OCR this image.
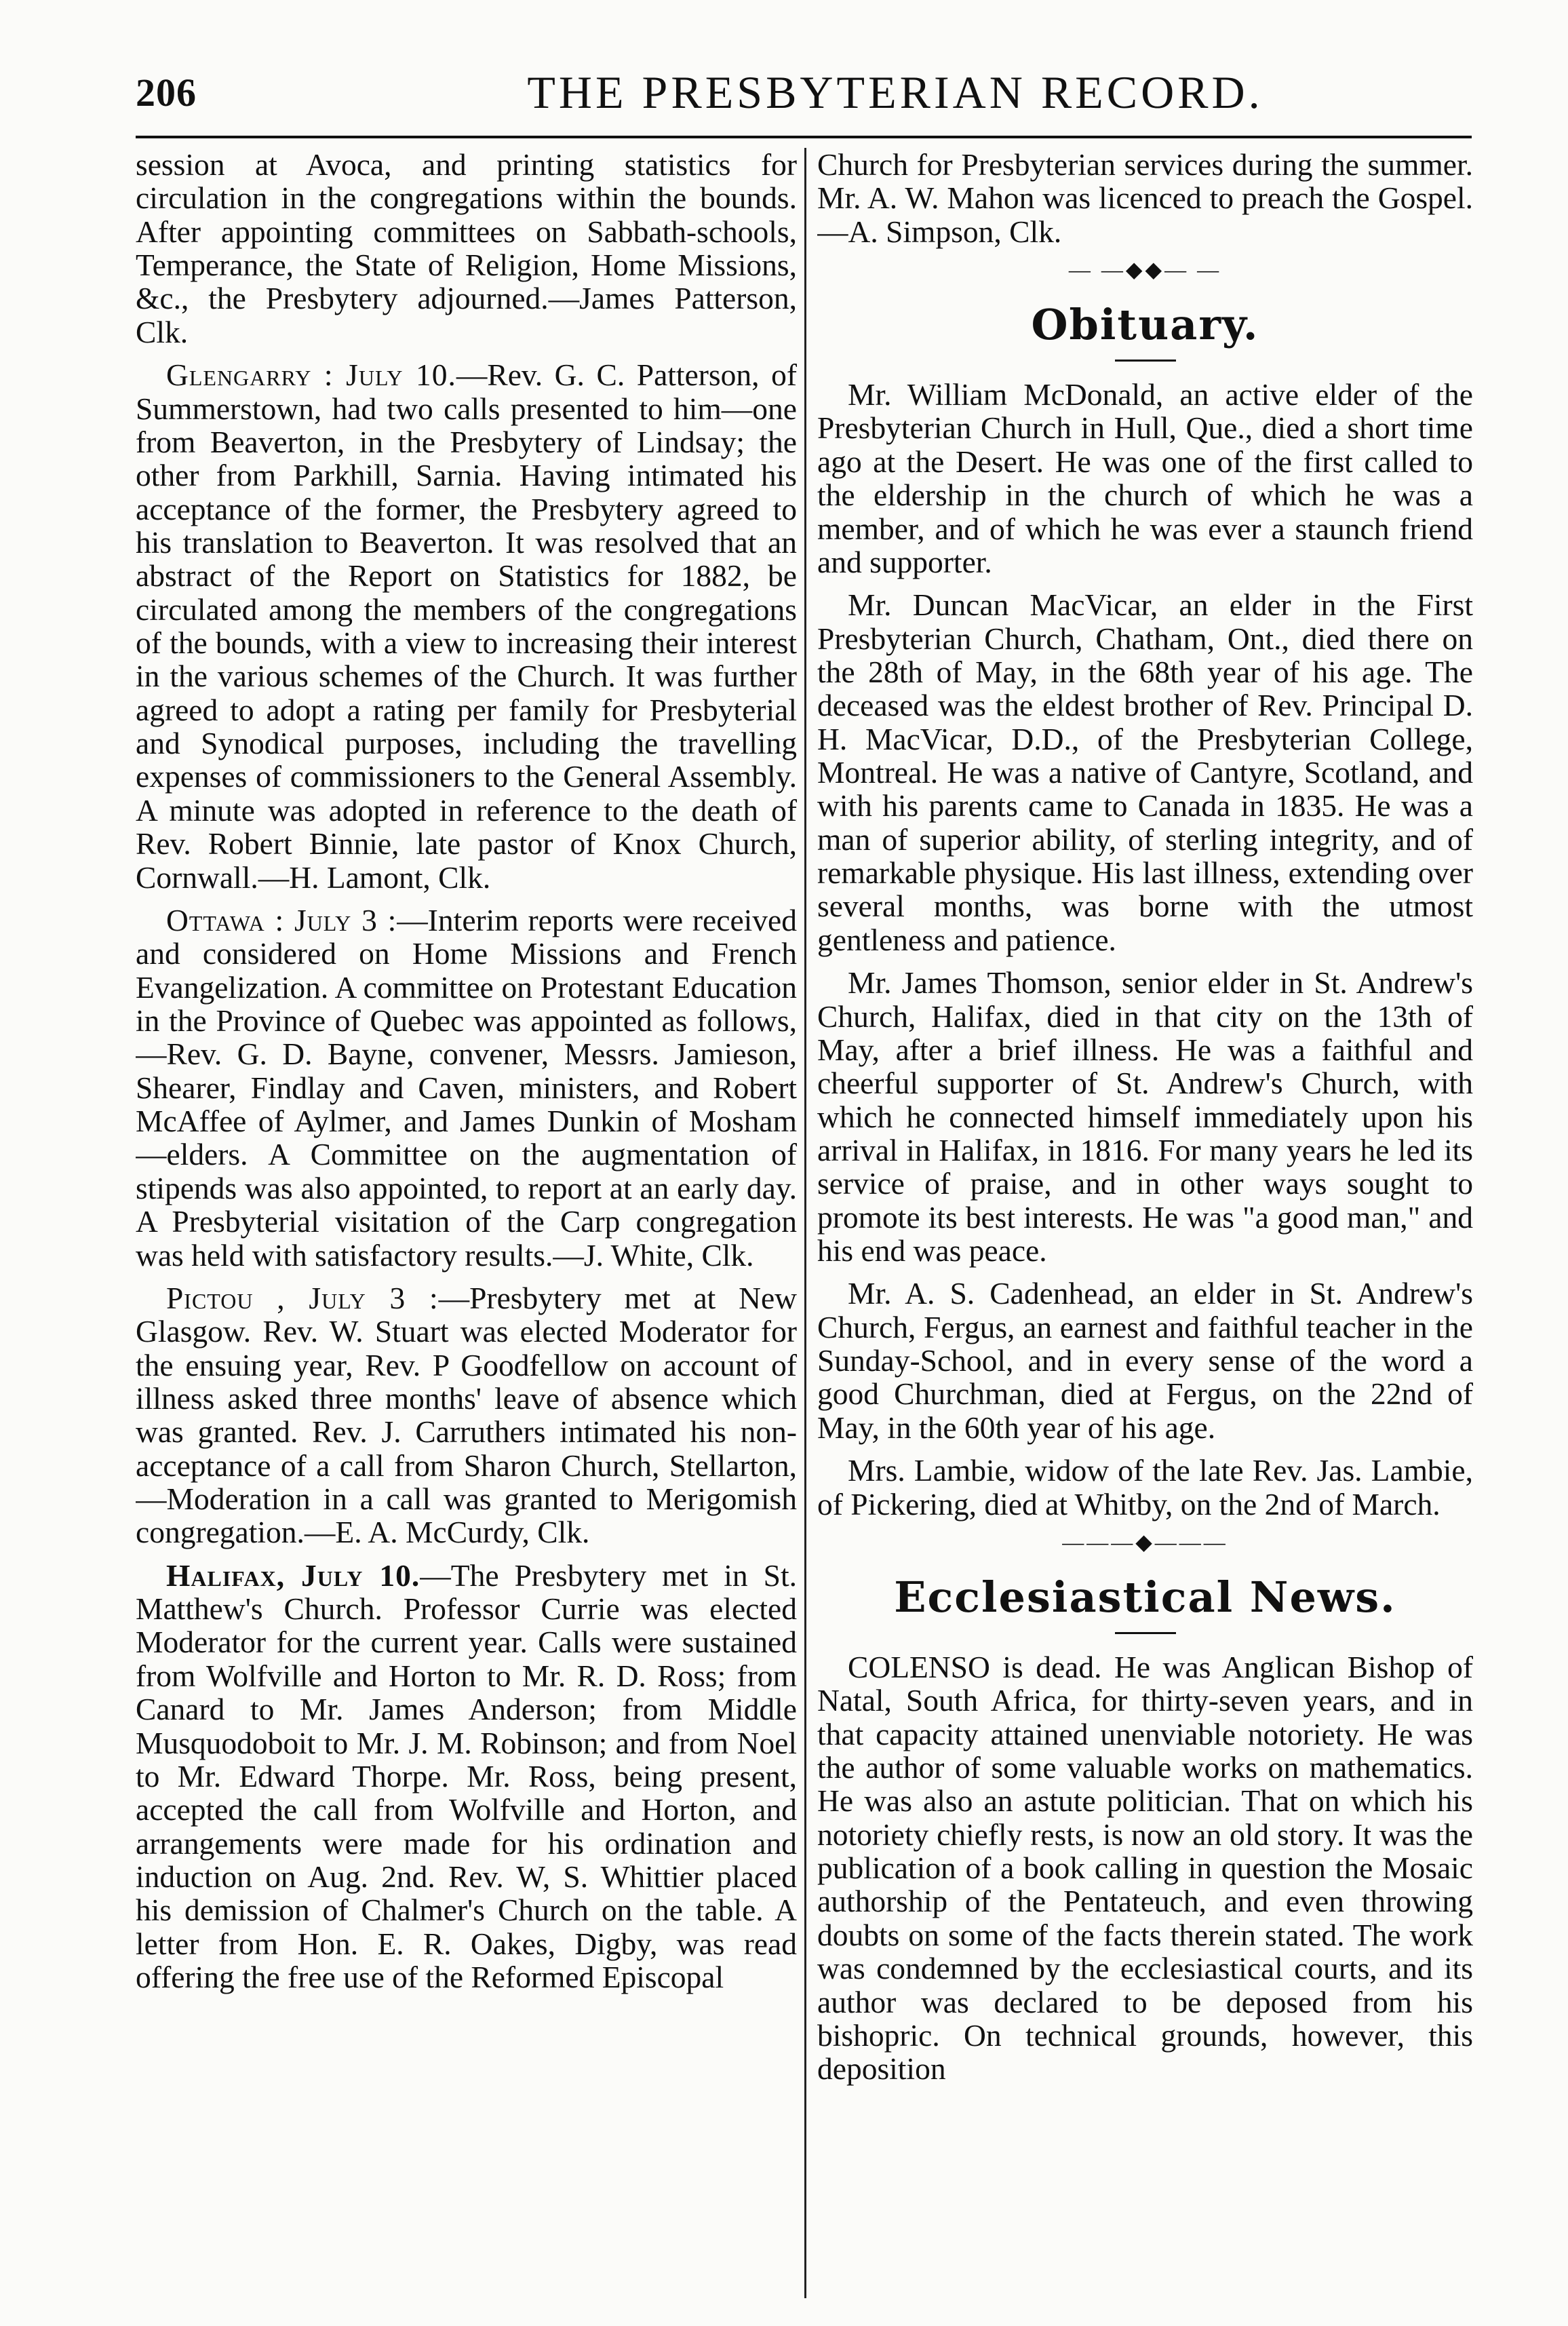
206	THE PRESBYTERIAN RECORD.

session at Avoca, and printing statistics for circulation in the congregations within the bounds. After appointing committees on Sabbath-schools, Temperance, the State of Religion, Home Missions, &c., the Presbytery adjourned.—James Patterson, Clk.

Glengarry : July 10.—Rev. G. C. Patterson, of Summerstown, had two calls presented to him—one from Beaverton, in the Presbytery of Lindsay; the other from Parkhill, Sarnia. Having intimated his acceptance of the former, the Presbytery agreed to his translation to Beaverton. It was resolved that an abstract of the Report on Statistics for 1882, be circulated among the members of the congregations of the bounds, with a view to increasing their interest in the various schemes of the Church. It was further agreed to adopt a rating per family for Presbyterial and Synodical purposes, including the travelling expenses of commissioners to the General Assembly. A minute was adopted in reference to the death of Rev. Robert Binnie, late pastor of Knox Church, Cornwall.—H. Lamont, Clk.

Ottawa : July 3 :—Interim reports were received and considered on Home Missions and French Evangelization. A committee on Protestant Education in the Province of Quebec was appointed as follows,—Rev. G. D. Bayne, convener, Messrs. Jamieson, Shearer, Findlay and Caven, ministers, and Robert McAffee of Aylmer, and James Dunkin of Mosham—elders. A Committee on the augmentation of stipends was also appointed, to report at an early day. A Presbyterial visitation of the Carp congregation was held with satisfactory results.—J. White, Clk.

Pictou , July 3 :—Presbytery met at New Glasgow. Rev. W. Stuart was elected Moderator for the ensuing year, Rev. P Goodfellow on account of illness asked three months' leave of absence which was granted. Rev. J. Carruthers intimated his non-acceptance of a call from Sharon Church, Stellarton,—Moderation in a call was granted to Merigomish congregation.—E. A. McCurdy, Clk.

Halifax, July 10.—The Presbytery met in St. Matthew's Church. Professor Currie was elected Moderator for the current year. Calls were sustained from Wolfville and Horton to Mr. R. D. Ross; from Canard to Mr. James Anderson; from Middle Musquodoboit to Mr. J. M. Robinson; and from Noel to Mr. Edward Thorpe. Mr. Ross, being present, accepted the call from Wolfville and Horton, and arrangements were made for his ordination and induction on Aug. 2nd. Rev. W, S. Whittier placed his demission of Chalmer's Church on the table. A letter from Hon. E. R. Oakes, Digby, was read offering the free use of the Reformed Episcopal

Church for Presbyterian services during the summer. Mr. A. W. Mahon was licenced to preach the Gospel.—A. Simpson, Clk.

— —◆◆— —
Obituary.

Mr. William McDonald, an active elder of the Presbyterian Church in Hull, Que., died a short time ago at the Desert. He was one of the first called to the eldership in the church of which he was a member, and of which he was ever a staunch friend and supporter.

Mr. Duncan MacVicar, an elder in the First Presbyterian Church, Chatham, Ont., died there on the 28th of May, in the 68th year of his age. The deceased was the eldest brother of Rev. Principal D. H. MacVicar, D.D., of the Presbyterian College, Montreal. He was a native of Cantyre, Scotland, and with his parents came to Canada in 1835. He was a man of superior ability, of sterling integrity, and of remarkable physique. His last illness, extending over several months, was borne with the utmost gentleness and patience.

Mr. James Thomson, senior elder in St. Andrew's Church, Halifax, died in that city on the 13th of May, after a brief illness. He was a faithful and cheerful supporter of St. Andrew's Church, with which he connected himself immediately upon his arrival in Halifax, in 1816. For many years he led its service of praise, and in other ways sought to promote its best interests. He was "a good man," and his end was peace.

Mr. A. S. Cadenhead, an elder in St. Andrew's Church, Fergus, an earnest and faithful teacher in the Sunday-School, and in every sense of the word a good Churchman, died at Fergus, on the 22nd of May, in the 60th year of his age.

Mrs. Lambie, widow of the late Rev. Jas. Lambie, of Pickering, died at Whitby, on the 2nd of March.

———◆———
Ecclesiastical News.

COLENSO is dead. He was Anglican Bishop of Natal, South Africa, for thirty-seven years, and in that capacity attained unenviable notoriety. He was the author of some valuable works on mathematics. He was also an astute politician. That on which his notoriety chiefly rests, is now an old story. It was the publication of a book calling in question the Mosaic authorship of the Pentateuch, and even throwing doubts on some of the facts therein stated. The work was condemned by the ecclesiastical courts, and its author was declared to be deposed from his bishopric. On technical grounds, however, this deposition
